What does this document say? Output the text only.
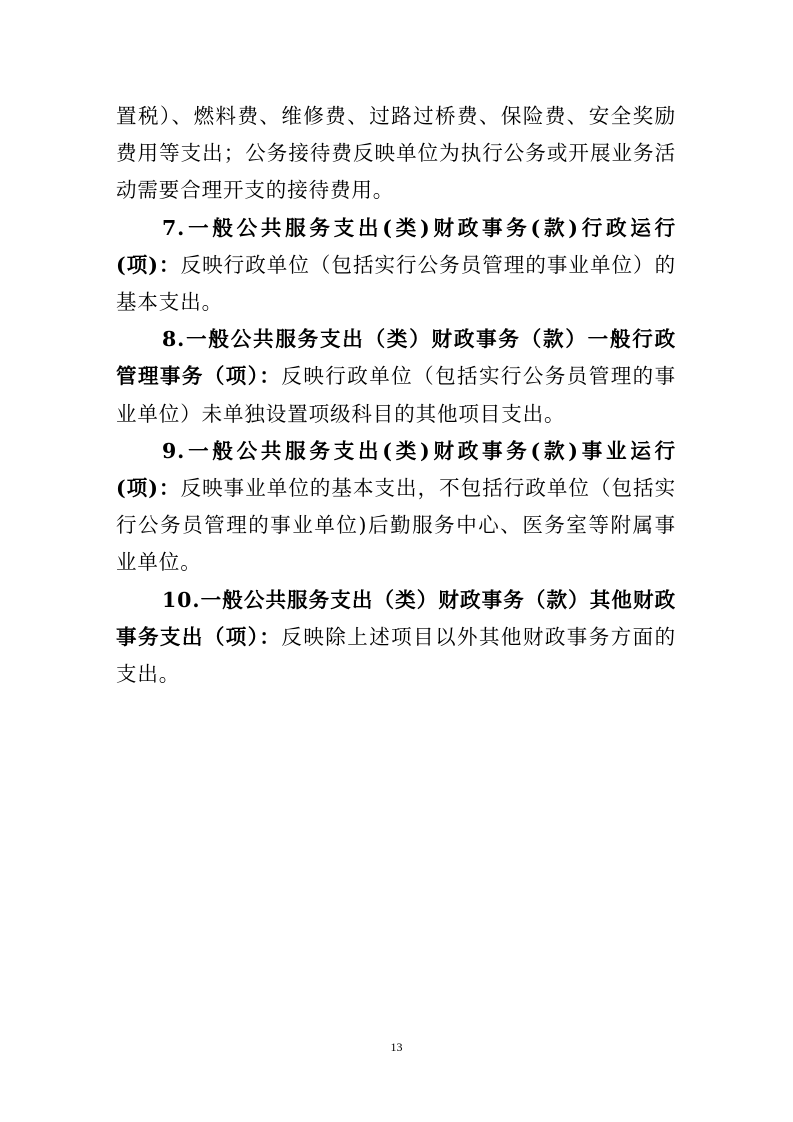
置税）、燃料费、维修费、过路过桥费、保险费、安全奖励费用等支出；公务接待费反映单位为执行公务或开展业务活动需要合理开支的接待费用。

7.一般公共服务支出(类)财政事务(款)行政运行(项)：反映行政单位（包括实行公务员管理的事业单位）的基本支出。

8.一般公共服务支出（类）财政事务（款）一般行政管理事务（项）：反映行政单位（包括实行公务员管理的事业单位）未单独设置项级科目的其他项目支出。

9.一般公共服务支出(类)财政事务(款)事业运行(项)：反映事业单位的基本支出，不包括行政单位（包括实行公务员管理的事业单位)后勤服务中心、医务室等附属事业单位。

10.一般公共服务支出（类）财政事务（款）其他财政事务支出（项）：反映除上述项目以外其他财政事务方面的支出。

13
